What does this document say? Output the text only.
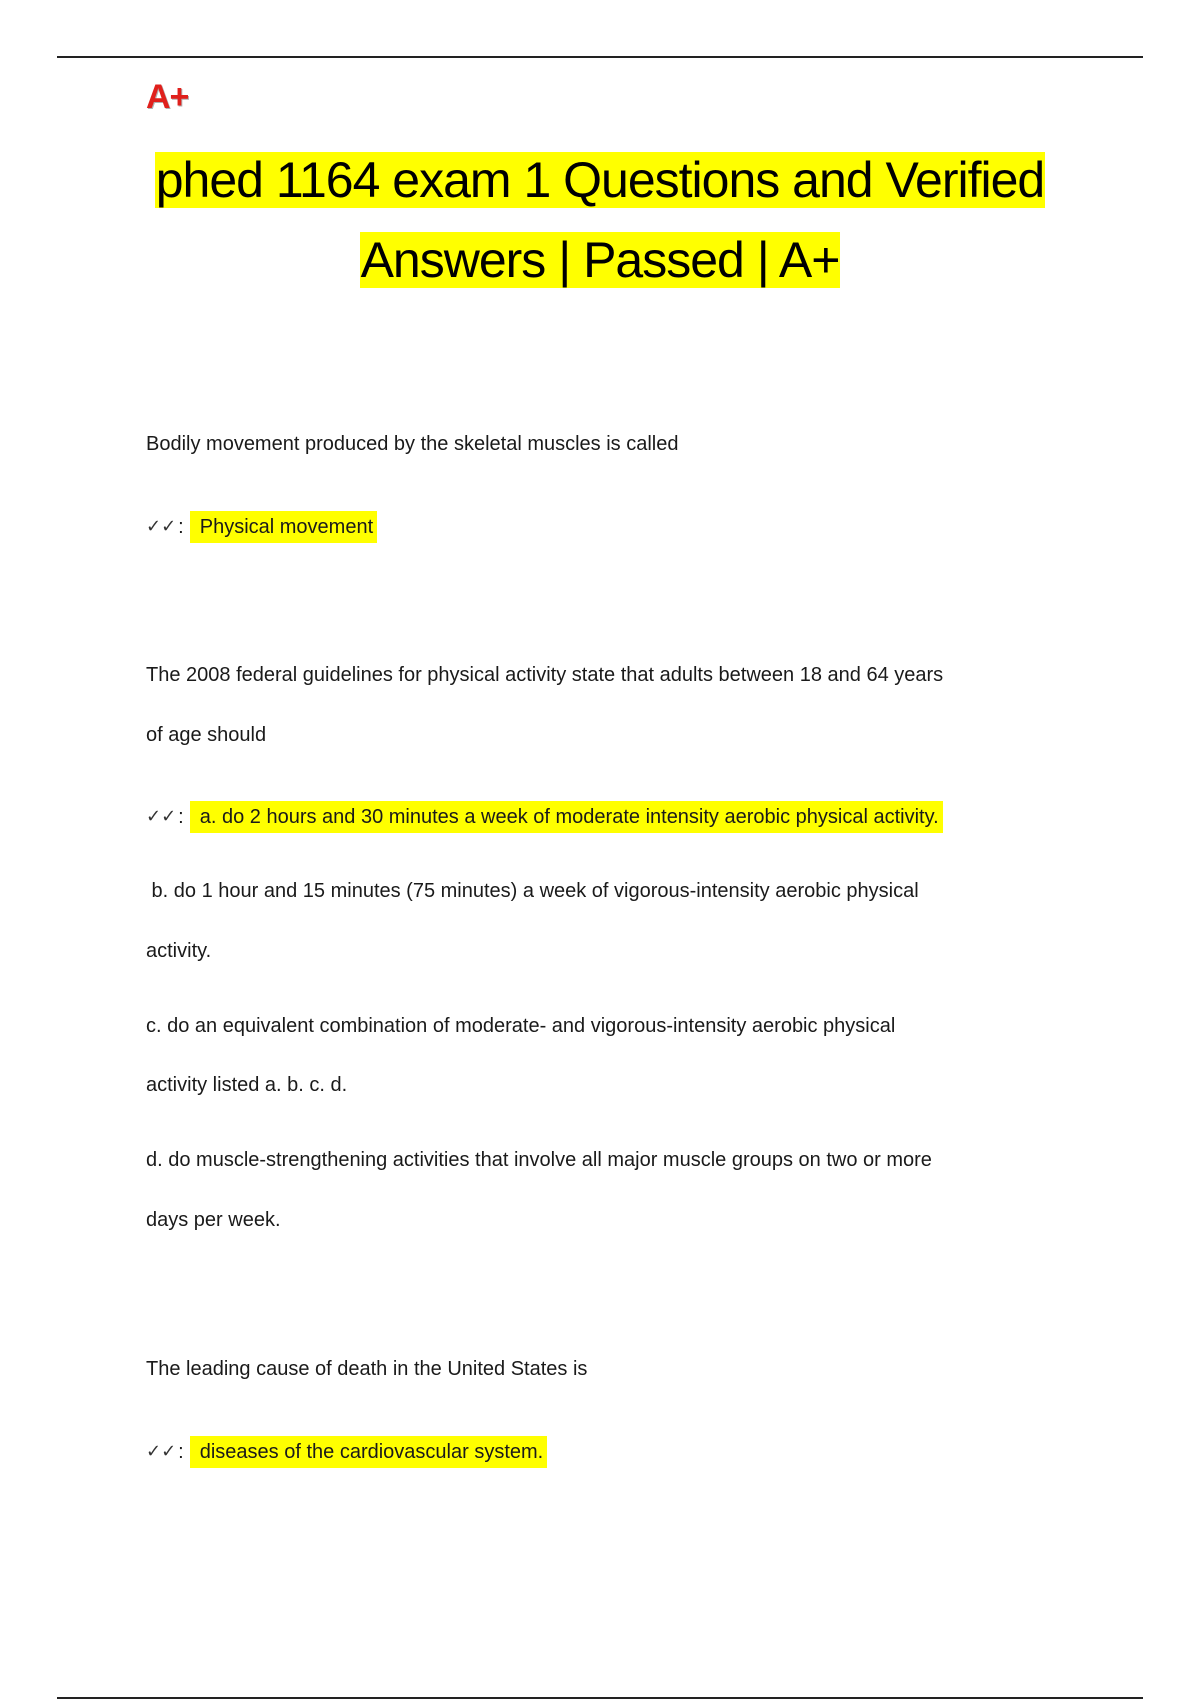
A+
phed 1164 exam 1 Questions and Verified
Answers | Passed | A+
Bodily movement produced by the skeletal muscles is called
✓✓ : Physical movement
The 2008 federal guidelines for physical activity state that adults between 18 and 64 years
of age should
✓✓ : a. do 2 hours and 30 minutes a week of moderate intensity aerobic physical activity.
b. do 1 hour and 15 minutes (75 minutes) a week of vigorous-intensity aerobic physical
activity.
c. do an equivalent combination of moderate- and vigorous-intensity aerobic physical
activity listed a. b. c. d.
d. do muscle-strengthening activities that involve all major muscle groups on two or more
days per week.
The leading cause of death in the United States is
✓✓ : diseases of the cardiovascular system.
